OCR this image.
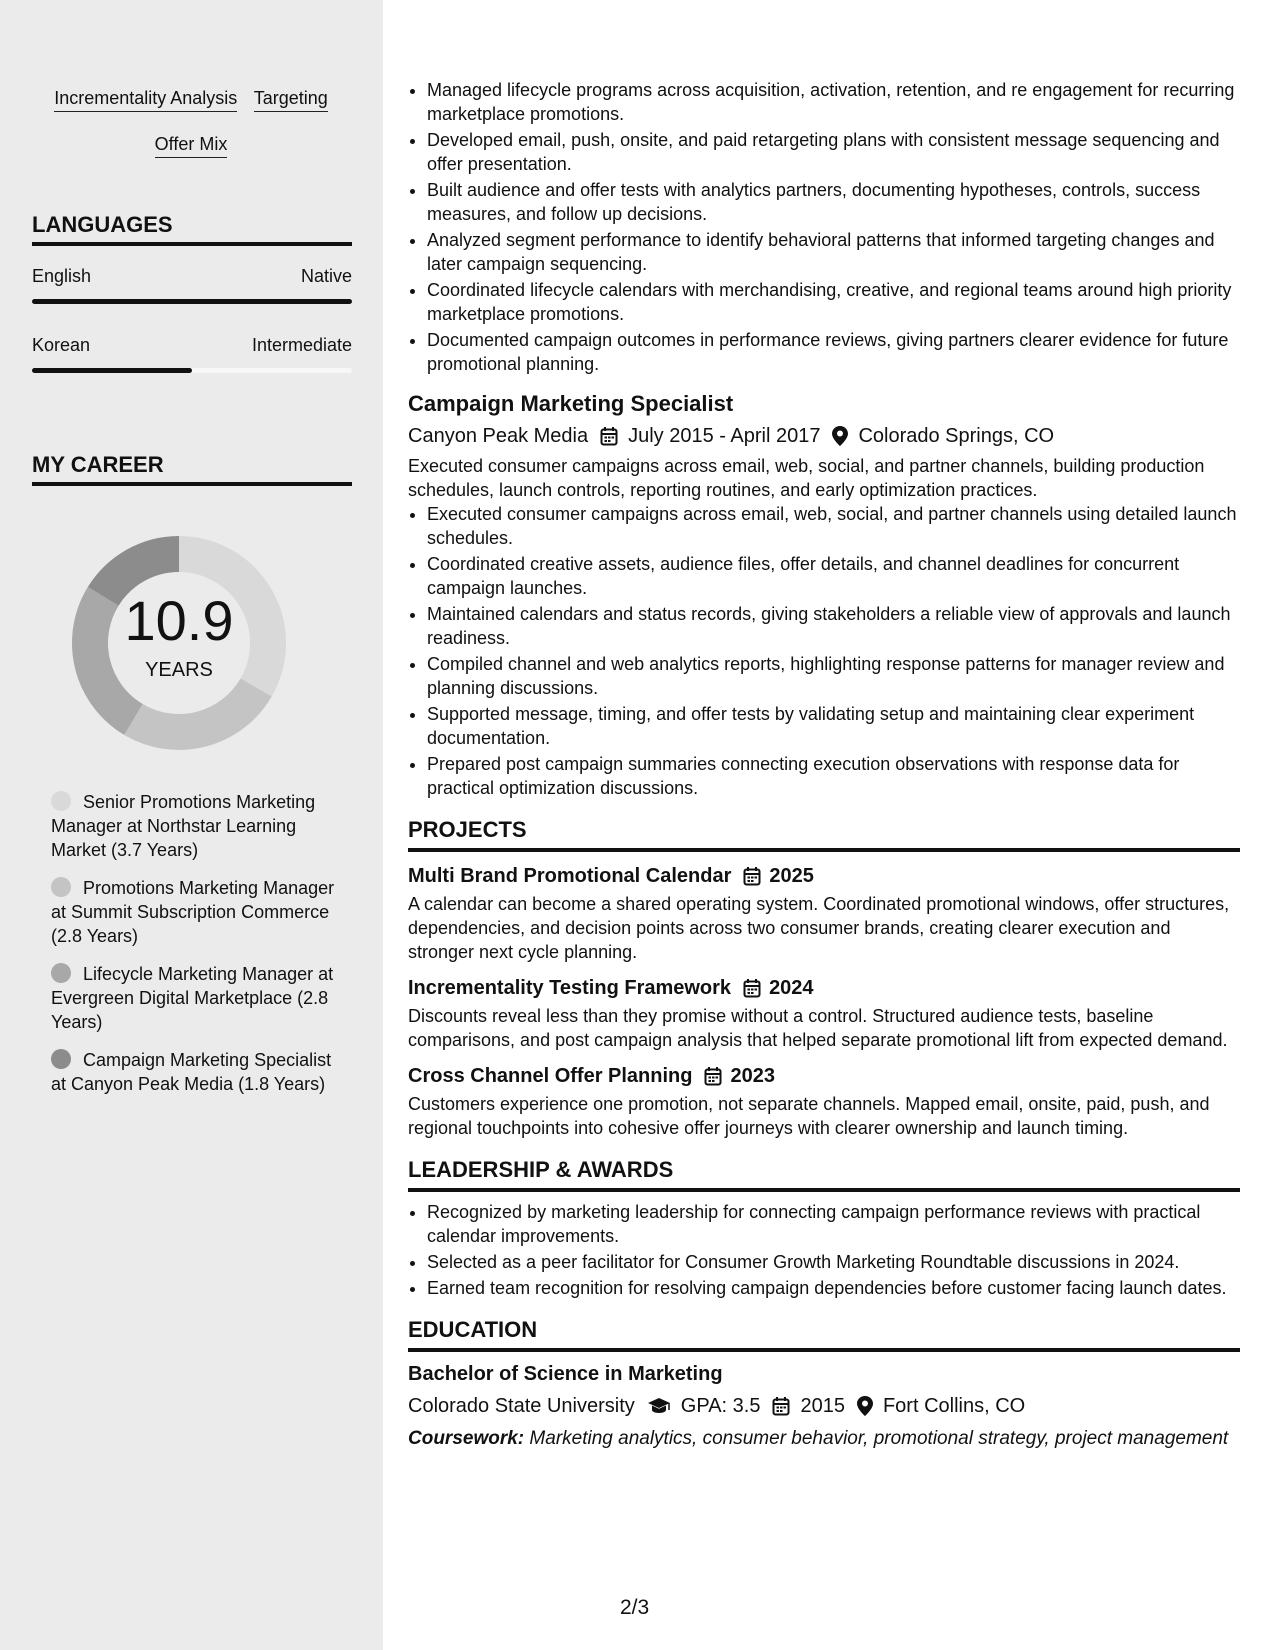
Incrementality Analysis Targeting
Offer Mix
LANGUAGES
English	Native
Korean	Intermediate
MY CAREER
10.9
YEARS
Senior Promotions Marketing Manager at Northstar Learning Market (3.7 Years)
Promotions Marketing Manager at Summit Subscription Commerce (2.8 Years)
Lifecycle Marketing Manager at Evergreen Digital Marketplace (2.8 Years)
Campaign Marketing Specialist at Canyon Peak Media (1.8 Years)
• Managed lifecycle programs across acquisition, activation, retention, and re engagement for recurring marketplace promotions.
• Developed email, push, onsite, and paid retargeting plans with consistent message sequencing and offer presentation.
• Built audience and offer tests with analytics partners, documenting hypotheses, controls, success measures, and follow up decisions.
• Analyzed segment performance to identify behavioral patterns that informed targeting changes and later campaign sequencing.
• Coordinated lifecycle calendars with merchandising, creative, and regional teams around high priority marketplace promotions.
• Documented campaign outcomes in performance reviews, giving partners clearer evidence for future promotional planning.
Campaign Marketing Specialist
Canyon Peak Media July 2015 - April 2017 Colorado Springs, CO
Executed consumer campaigns across email, web, social, and partner channels, building production schedules, launch controls, reporting routines, and early optimization practices.
• Executed consumer campaigns across email, web, social, and partner channels using detailed launch schedules.
• Coordinated creative assets, audience files, offer details, and channel deadlines for concurrent campaign launches.
• Maintained calendars and status records, giving stakeholders a reliable view of approvals and launch readiness.
• Compiled channel and web analytics reports, highlighting response patterns for manager review and planning discussions.
• Supported message, timing, and offer tests by validating setup and maintaining clear experiment documentation.
• Prepared post campaign summaries connecting execution observations with response data for practical optimization discussions.
PROJECTS
Multi Brand Promotional Calendar 2025
A calendar can become a shared operating system. Coordinated promotional windows, offer structures, dependencies, and decision points across two consumer brands, creating clearer execution and stronger next cycle planning.
Incrementality Testing Framework 2024
Discounts reveal less than they promise without a control. Structured audience tests, baseline comparisons, and post campaign analysis that helped separate promotional lift from expected demand.
Cross Channel Offer Planning 2023
Customers experience one promotion, not separate channels. Mapped email, onsite, paid, push, and regional touchpoints into cohesive offer journeys with clearer ownership and launch timing.
LEADERSHIP & AWARDS
• Recognized by marketing leadership for connecting campaign performance reviews with practical calendar improvements.
• Selected as a peer facilitator for Consumer Growth Marketing Roundtable discussions in 2024.
• Earned team recognition for resolving campaign dependencies before customer facing launch dates.
EDUCATION
Bachelor of Science in Marketing
Colorado State University GPA: 3.5 2015 Fort Collins, CO
Coursework: Marketing analytics, consumer behavior, promotional strategy, project management
2/3
